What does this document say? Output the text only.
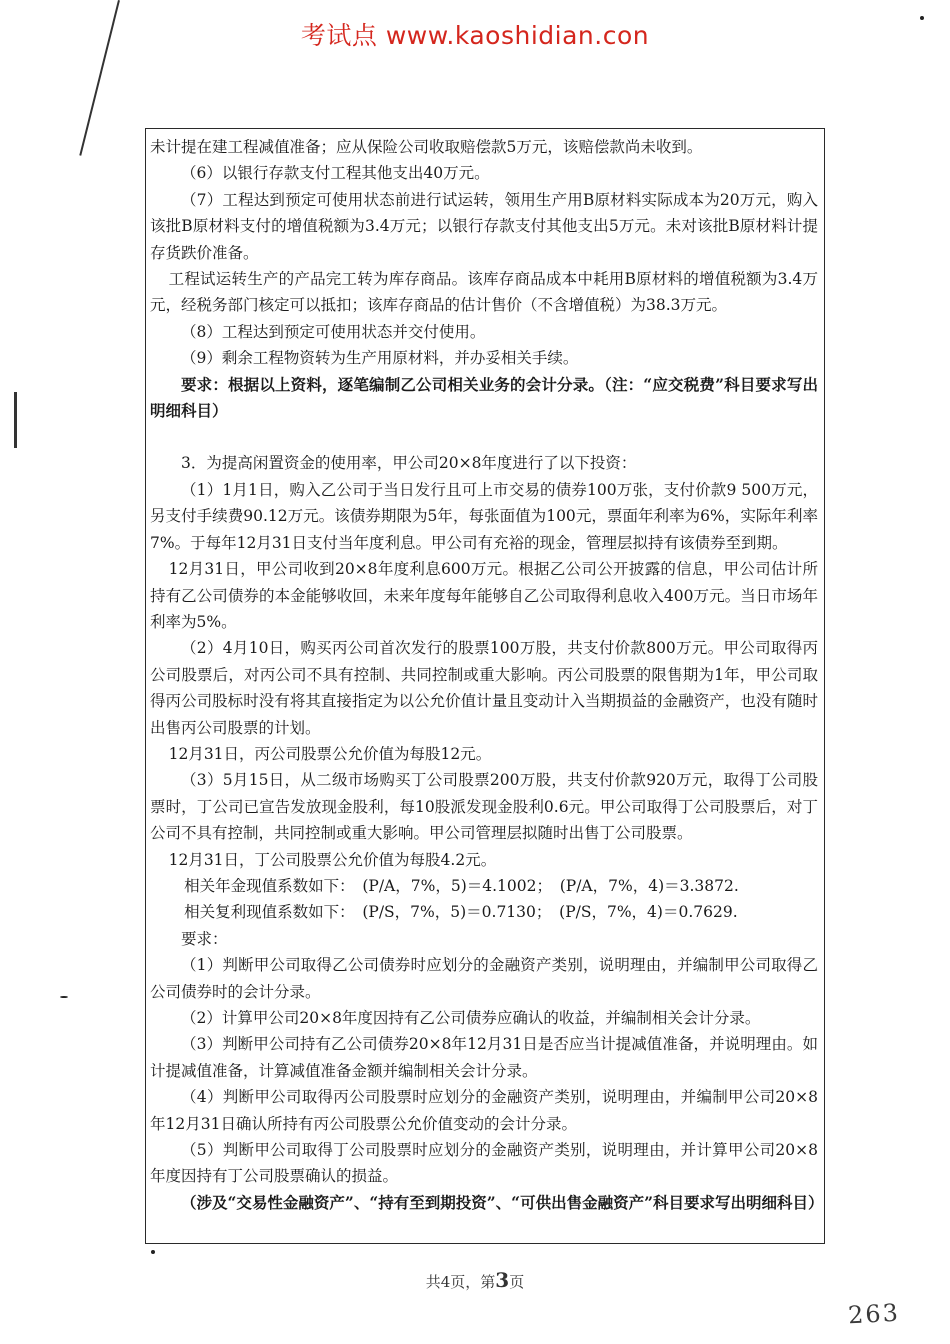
考试点 www.kaoshidian.con

未计提在建工程减值准备；应从保险公司收取赔偿款5万元，该赔偿款尚未收到。

（6）以银行存款支付工程其他支出40万元。

（7）工程达到预定可使用状态前进行试运转，领用生产用B原材料实际成本为20万元，购入该批B原材料支付的增值税额为3.4万元；以银行存款支付其他支出5万元。未对该批B原材料计提存货跌价准备。

工程试运转生产的产品完工转为库存商品。该库存商品成本中耗用B原材料的增值税额为3.4万元，经税务部门核定可以抵扣；该库存商品的估计售价（不含增值税）为38.3万元。

（8）工程达到预定可使用状态并交付使用。

（9）剩余工程物资转为生产用原材料，并办妥相关手续。

要求：根据以上资料，逐笔编制乙公司相关业务的会计分录。（注：“应交税费”科目要求写出明细科目）

3．为提高闲置资金的使用率，甲公司20×8年度进行了以下投资：

（1）1月1日，购入乙公司于当日发行且可上市交易的债券100万张，支付价款9 500万元，另支付手续费90.12万元。该债券期限为5年，每张面值为100元，票面年利率为6%，实际年利率7%。于每年12月31日支付当年度利息。甲公司有充裕的现金，管理层拟持有该债券至到期。

12月31日，甲公司收到20×8年度利息600万元。根据乙公司公开披露的信息，甲公司估计所持有乙公司债券的本金能够收回，未来年度每年能够自乙公司取得利息收入400万元。当日市场年利率为5%。

（2）4月10日，购买丙公司首次发行的股票100万股，共支付价款800万元。甲公司取得丙公司股票后，对丙公司不具有控制、共同控制或重大影响。丙公司股票的限售期为1年，甲公司取得丙公司股标时没有将其直接指定为以公允价值计量且变动计入当期损益的金融资产，也没有随时出售丙公司股票的计划。

12月31日，丙公司股票公允价值为每股12元。

（3）5月15日，从二级市场购买丁公司股票200万股，共支付价款920万元，取得丁公司股票时，丁公司已宣告发放现金股利，每10股派发现金股利0.6元。甲公司取得丁公司股票后，对丁公司不具有控制，共同控制或重大影响。甲公司管理层拟随时出售丁公司股票。

12月31日，丁公司股票公允价值为每股4.2元。

相关年金现值系数如下：　(P/A，7%，5)＝4.1002；　(P/A，7%，4)＝3.3872.

相关复利现值系数如下：　(P/S，7%，5)＝0.7130；　(P/S，7%，4)＝0.7629.

要求：

（1）判断甲公司取得乙公司债券时应划分的金融资产类别，说明理由，并编制甲公司取得乙公司债券时的会计分录。

（2）计算甲公司20×8年度因持有乙公司债券应确认的收益，并编制相关会计分录。

（3）判断甲公司持有乙公司债券20×8年12月31日是否应当计提减值准备，并说明理由。如计提减值准备，计算减值准备金额并编制相关会计分录。

（4）判断甲公司取得丙公司股票时应划分的金融资产类别，说明理由，并编制甲公司20×8年12月31日确认所持有丙公司股票公允价值变动的会计分录。

（5）判断甲公司取得丁公司股票时应划分的金融资产类别，说明理由，并计算甲公司20×8年度因持有丁公司股票确认的损益。

（涉及“交易性金融资产”、“持有至到期投资”、“可供出售金融资产”科目要求写出明细科目）

共4页，第3页
263
